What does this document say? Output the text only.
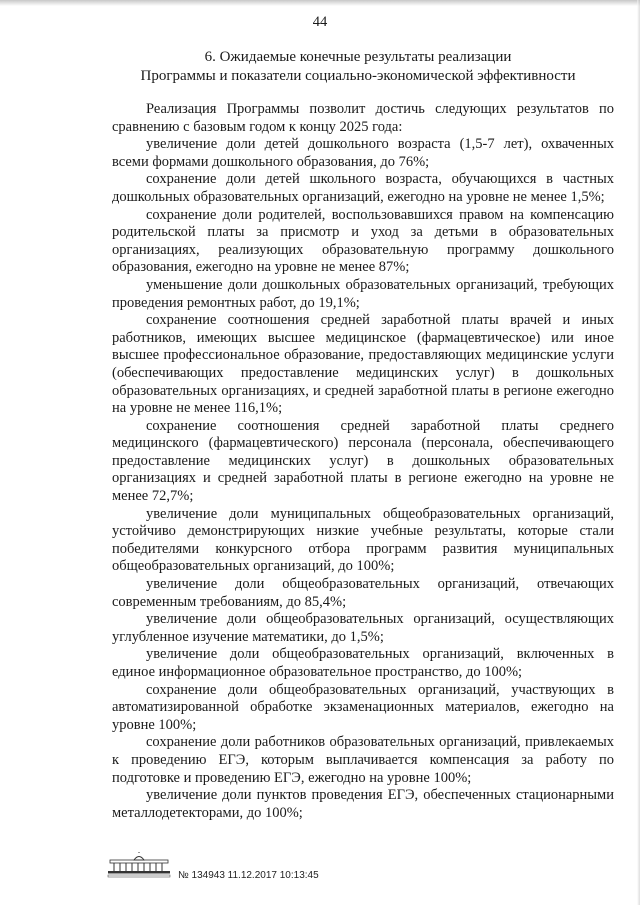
44
6. Ожидаемые конечные результаты реализации
Программы и показатели социально-экономической эффективности

Реализация Программы позволит достичь следующих результатов по сравнению с базовым годом к концу 2025 года:

увеличение доли детей дошкольного возраста (1,5-7 лет), охваченных всеми формами дошкольного образования, до 76%;

сохранение доли детей школьного возраста, обучающихся в частных дошкольных образовательных организаций, ежегодно на уровне не менее 1,5%;

сохранение доли родителей, воспользовавшихся правом на компенсацию родительской платы за присмотр и уход за детьми в образовательных организациях, реализующих образовательную программу дошкольного образования, ежегодно на уровне не менее 87%;

уменьшение доли дошкольных образовательных организаций, требующих проведения ремонтных работ, до 19,1%;

сохранение соотношения средней заработной платы врачей и иных работников, имеющих высшее медицинское (фармацевтическое) или иное высшее профессиональное образование, предоставляющих медицинские услуги (обеспечивающих предоставление медицинских услуг) в дошкольных образовательных организациях, и средней заработной платы в регионе ежегодно на уровне не менее 116,1%;

сохранение соотношения средней заработной платы среднего медицинского (фармацевтического) персонала (персонала, обеспечивающего предоставление медицинских услуг) в дошкольных образовательных организациях и средней заработной платы в регионе ежегодно на уровне не менее 72,7%;

увеличение доли муниципальных общеобразовательных организаций, устойчиво демонстрирующих низкие учебные результаты, которые стали победителями конкурсного отбора программ развития муниципальных общеобразовательных организаций, до 100%;

увеличение доли общеобразовательных организаций, отвечающих современным требованиям, до 85,4%;

увеличение доли общеобразовательных организаций, осуществляющих углубленное изучение математики, до 1,5%;

увеличение доли общеобразовательных организаций, включенных в единое информационное образовательное пространство, до 100%;

сохранение доли общеобразовательных организаций, участвующих в автоматизированной обработке экзаменационных материалов, ежегодно на уровне 100%;

сохранение доли работников образовательных организаций, привлекаемых к проведению ЕГЭ, которым выплачивается компенсация за работу по подготовке и проведению ЕГЭ, ежегодно на уровне 100%;

увеличение доли пунктов проведения ЕГЭ, обеспеченных стационарными металлодетекторами, до 100%;

№ 134943 11.12.2017 10:13:45
